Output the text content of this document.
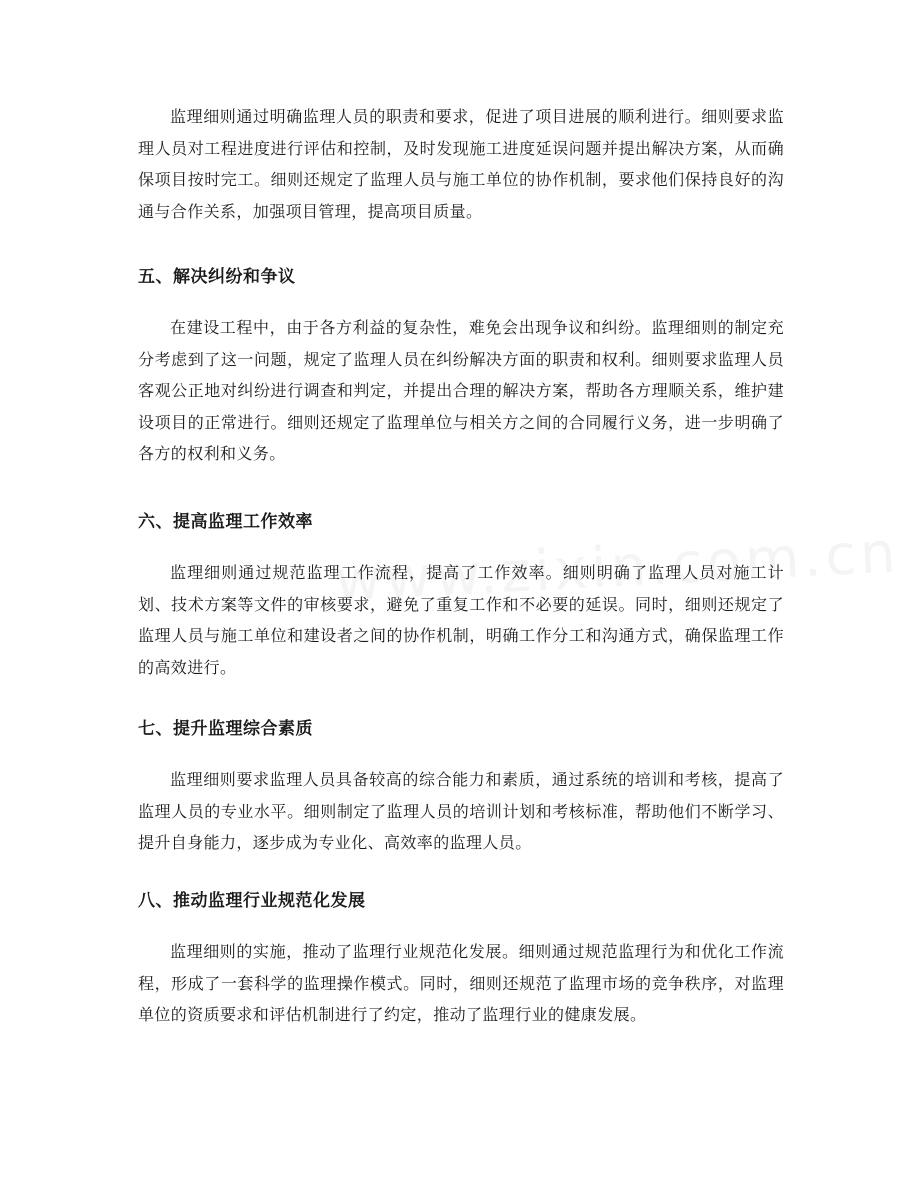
监理细则通过明确监理人员的职责和要求，促进了项目进展的顺利进行。细则要求监理人员对工程进度进行评估和控制，及时发现施工进度延误问题并提出解决方案，从而确保项目按时完工。细则还规定了监理人员与施工单位的协作机制，要求他们保持良好的沟通与合作关系，加强项目管理，提高项目质量。

五、解决纠纷和争议

在建设工程中，由于各方利益的复杂性，难免会出现争议和纠纷。监理细则的制定充分考虑到了这一问题，规定了监理人员在纠纷解决方面的职责和权利。细则要求监理人员客观公正地对纠纷进行调查和判定，并提出合理的解决方案，帮助各方理顺关系，维护建设项目的正常进行。细则还规定了监理单位与相关方之间的合同履行义务，进一步明确了各方的权利和义务。

六、提高监理工作效率

监理细则通过规范监理工作流程，提高了工作效率。细则明确了监理人员对施工计划、技术方案等文件的审核要求，避免了重复工作和不必要的延误。同时，细则还规定了监理人员与施工单位和建设者之间的协作机制，明确工作分工和沟通方式，确保监理工作的高效进行。

七、提升监理综合素质

监理细则要求监理人员具备较高的综合能力和素质，通过系统的培训和考核，提高了监理人员的专业水平。细则制定了监理人员的培训计划和考核标准，帮助他们不断学习、提升自身能力，逐步成为专业化、高效率的监理人员。

八、推动监理行业规范化发展

监理细则的实施，推动了监理行业规范化发展。细则通过规范监理行为和优化工作流程，形成了一套科学的监理操作模式。同时，细则还规范了监理市场的竞争秩序，对监理单位的资质要求和评估机制进行了约定，推动了监理行业的健康发展。
